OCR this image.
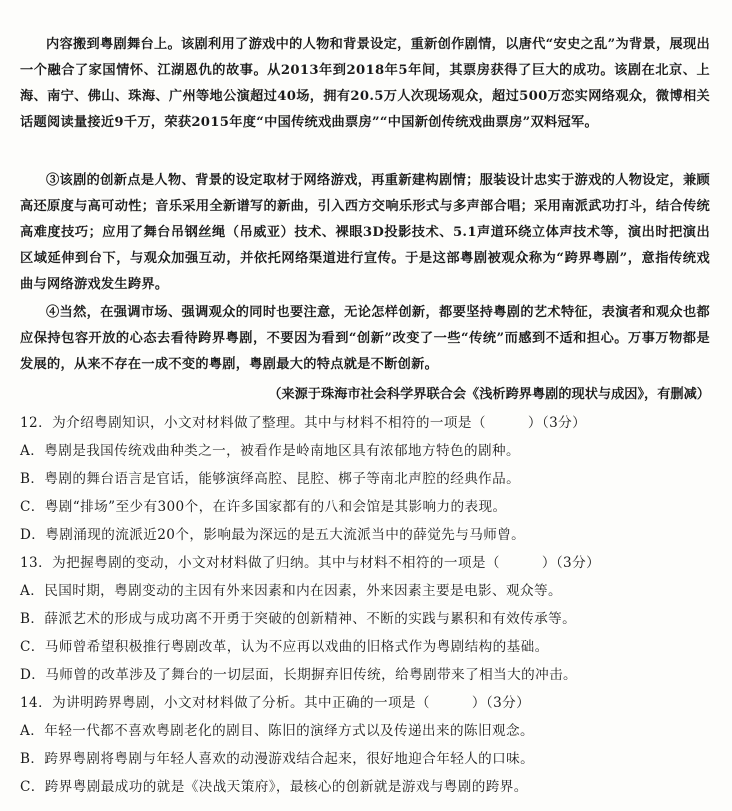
内容搬到粤剧舞台上。该剧利用了游戏中的人物和背景设定，重新创作剧情，以唐代“安史之乱”为背景，展现出一个融合了家国情怀、江湖恩仇的故事。从2013年到2018年5年间，其票房获得了巨大的成功。该剧在北京、上海、南宁、佛山、珠海、广州等地公演超过40场，拥有20.5万人次现场观众，超过500万恋实网络观众，微博相关话题阅读量接近9千万，荣获2015年度“中国传统戏曲票房”“中国新创传统戏曲票房”双料冠军。
③该剧的创新点是人物、背景的设定取材于网络游戏，再重新建构剧情；服装设计忠实于游戏的人物设定，兼顾高还原度与高可动性；音乐采用全新谱写的新曲，引入西方交响乐形式与多声部合唱；采用南派武功打斗，结合传统高难度技巧；应用了舞台吊钢丝绳（吊威亚）技术、裸眼3D投影技术、5.1声道环绕立体声技术等，演出时把演出区域延伸到台下，与观众加强互动，并依托网络渠道进行宣传。于是这部粤剧被观众称为“跨界粤剧”，意指传统戏曲与网络游戏发生跨界。
④当然，在强调市场、强调观众的同时也要注意，无论怎样创新，都要坚持粤剧的艺术特征，表演者和观众也都应保持包容开放的心态去看待跨界粤剧，不要因为看到“创新”改变了一些“传统”而感到不适和担心。万事万物都是发展的，从来不存在一成不变的粤剧，粤剧最大的特点就是不断创新。
（来源于珠海市社会科学界联合会《浅析跨界粤剧的现状与成因》，有删减）
12．为介绍粤剧知识，小文对材料做了整理。其中与材料不相符的一项是（　　　）（3分）
A．粤剧是我国传统戏曲种类之一，被看作是岭南地区具有浓郁地方特色的剧种。
B．粤剧的舞台语言是官话，能够演绎高腔、昆腔、梆子等南北声腔的经典作品。
C．粤剧“排场”至少有300个，在许多国家都有的八和会馆是其影响力的表现。
D．粤剧涌现的流派近20个，影响最为深远的是五大流派当中的薛觉先与马师曾。
13．为把握粤剧的变动，小文对材料做了归纳。其中与材料不相符的一项是（　　　）（3分）
A．民国时期，粤剧变动的主因有外来因素和内在因素，外来因素主要是电影、观众等。
B．薛派艺术的形成与成功离不开勇于突破的创新精神、不断的实践与累积和有效传承等。
C．马师曾希望积极推行粤剧改革，认为不应再以戏曲的旧格式作为粤剧结构的基础。
D．马师曾的改革涉及了舞台的一切层面，长期摒弃旧传统，给粤剧带来了相当大的冲击。
14．为讲明跨界粤剧，小文对材料做了分析。其中正确的一项是（　　　）（3分）
A．年轻一代都不喜欢粤剧老化的剧目、陈旧的演绎方式以及传递出来的陈旧观念。
B．跨界粤剧将粤剧与年轻人喜欢的动漫游戏结合起来，很好地迎合年轻人的口味。
C．跨界粤剧最成功的就是《决战天策府》，最核心的创新就是游戏与粤剧的跨界。
